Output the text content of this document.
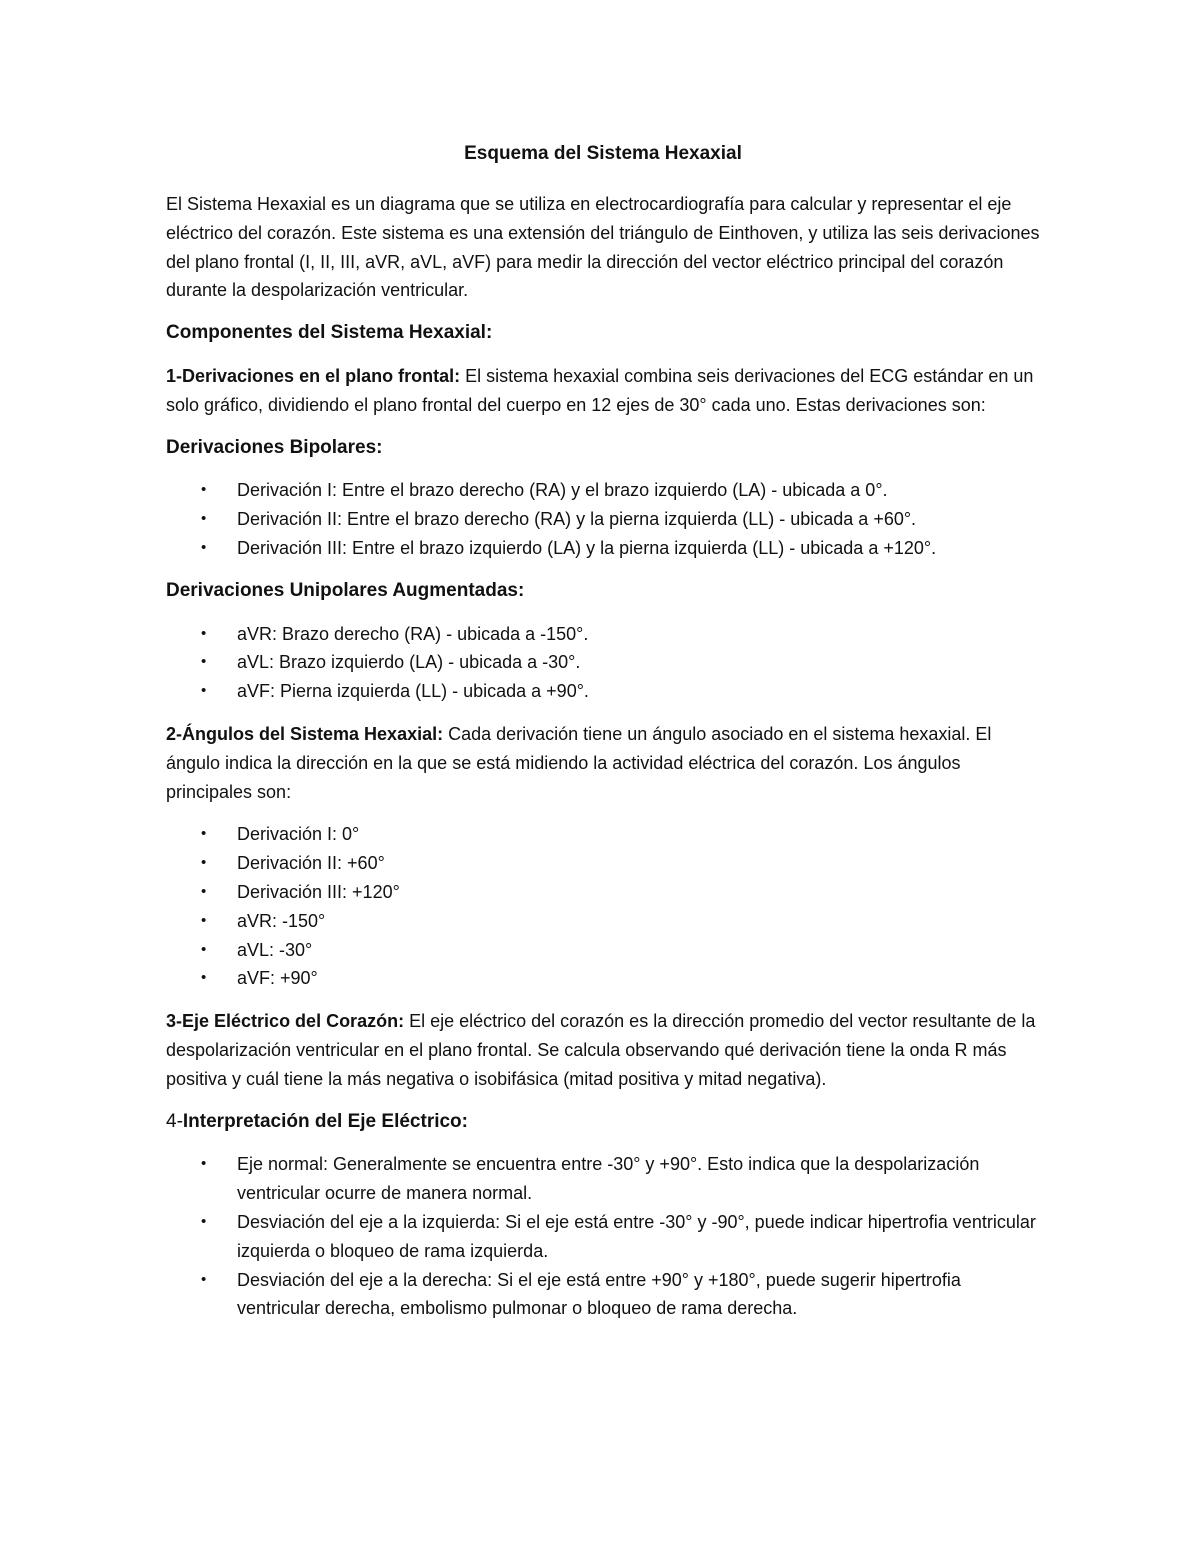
Esquema del Sistema Hexaxial

El Sistema Hexaxial es un diagrama que se utiliza en electrocardiografía para calcular y representar el eje eléctrico del corazón. Este sistema es una extensión del triángulo de Einthoven, y utiliza las seis derivaciones del plano frontal (I, II, III, aVR, aVL, aVF) para medir la dirección del vector eléctrico principal del corazón durante la despolarización ventricular.

Componentes del Sistema Hexaxial:

1-Derivaciones en el plano frontal: El sistema hexaxial combina seis derivaciones del ECG estándar en un solo gráfico, dividiendo el plano frontal del cuerpo en 12 ejes de 30° cada uno. Estas derivaciones son:

Derivaciones Bipolares:
• Derivación I: Entre el brazo derecho (RA) y el brazo izquierdo (LA) - ubicada a 0°.
• Derivación II: Entre el brazo derecho (RA) y la pierna izquierda (LL) - ubicada a +60°.
• Derivación III: Entre el brazo izquierdo (LA) y la pierna izquierda (LL) - ubicada a +120°.
Derivaciones Unipolares Augmentadas:
• aVR: Brazo derecho (RA) - ubicada a -150°.
• aVL: Brazo izquierdo (LA) - ubicada a -30°.
• aVF: Pierna izquierda (LL) - ubicada a +90°.

2-Ángulos del Sistema Hexaxial: Cada derivación tiene un ángulo asociado en el sistema hexaxial. El ángulo indica la dirección en la que se está midiendo la actividad eléctrica del corazón. Los ángulos principales son:

• Derivación I: 0°
• Derivación II: +60°
• Derivación III: +120°
• aVR: -150°
• aVL: -30°
• aVF: +90°

3-Eje Eléctrico del Corazón: El eje eléctrico del corazón es la dirección promedio del vector resultante de la despolarización ventricular en el plano frontal. Se calcula observando qué derivación tiene la onda R más positiva y cuál tiene la más negativa o isobifásica (mitad positiva y mitad negativa).

4-Interpretación del Eje Eléctrico:
• Eje normal: Generalmente se encuentra entre -30° y +90°. Esto indica que la despolarización ventricular ocurre de manera normal.
• Desviación del eje a la izquierda: Si el eje está entre -30° y -90°, puede indicar hipertrofia ventricular izquierda o bloqueo de rama izquierda.
• Desviación del eje a la derecha: Si el eje está entre +90° y +180°, puede sugerir hipertrofia ventricular derecha, embolismo pulmonar o bloqueo de rama derecha.
